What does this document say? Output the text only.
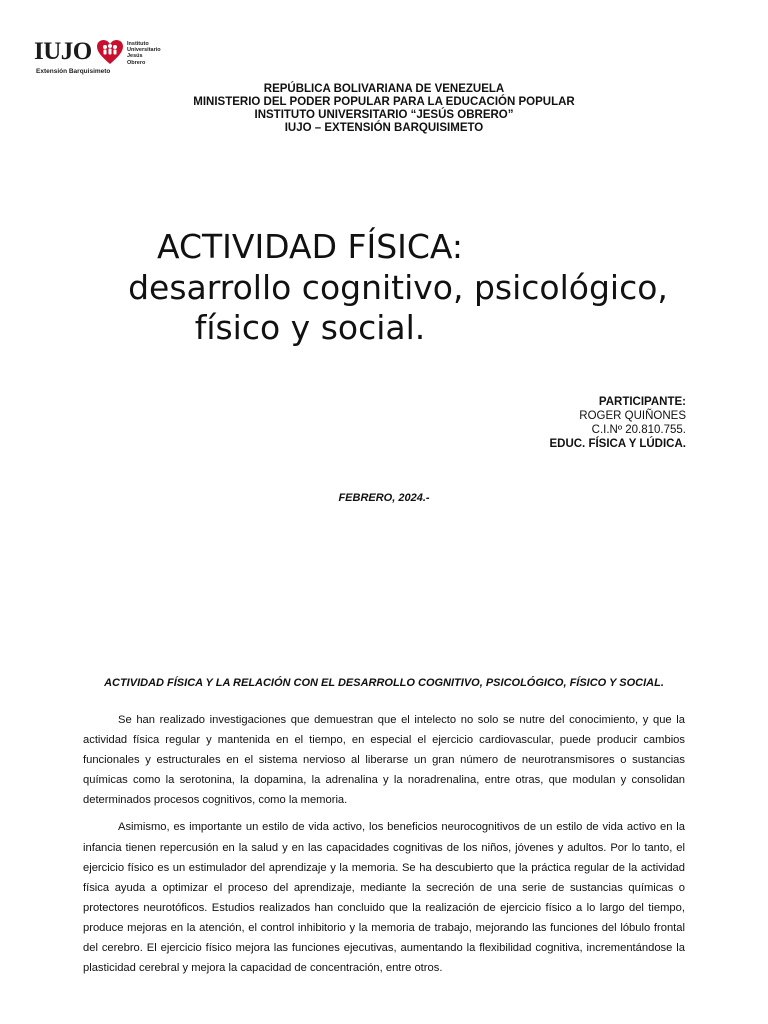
IUJO	Instituto
Universitario
Jesús
Obrero
Extensión Barquisimeto
REPÚBLICA BOLIVARIANA DE VENEZUELA
MINISTERIO DEL PODER POPULAR PARA LA EDUCACIÓN POPULAR
INSTITUTO UNIVERSITARIO “JESÚS OBRERO”
IUJO – EXTENSIÓN BARQUISIMETO
ACTIVIDAD FÍSICA:
desarrollo cognitivo, psicológico,
físico y social.
PARTICIPANTE:
ROGER QUIÑONES
C.I.Nº 20.810.755.
EDUC. FÍSICA Y LÚDICA.
FEBRERO, 2024.-
ACTIVIDAD FÍSICA Y LA RELACIÓN CON EL DESARROLLO COGNITIVO, PSICOLÓGICO, FÍSICO Y SOCIAL.

Se han realizado investigaciones que demuestran que el intelecto no solo se nutre del conocimiento, y que la actividad física regular y mantenida en el tiempo, en especial el ejercicio cardiovascular, puede producir cambios funcionales y estructurales en el sistema nervioso al liberarse un gran número de neurotransmisores o sustancias químicas como la serotonina, la dopamina, la adrenalina y la noradrenalina, entre otras, que modulan y consolidan determinados procesos cognitivos, como la memoria.

Asimismo, es importante un estilo de vida activo, los beneficios neurocognitivos de un estilo de vida activo en la infancia tienen repercusión en la salud y en las capacidades cognitivas de los niños, jóvenes y adultos. Por lo tanto, el ejercicio físico es un estimulador del aprendizaje y la memoria. Se ha descubierto que la práctica regular de la actividad física ayuda a optimizar el proceso del aprendizaje, mediante la secreción de una serie de sustancias químicas o protectores neurotóficos. Estudios realizados han concluido que la realización de ejercicio físico a lo largo del tiempo, produce mejoras en la atención, el control inhibitorio y la memoria de trabajo, mejorando las funciones del lóbulo frontal del cerebro. El ejercicio físico mejora las funciones ejecutivas, aumentando la flexibilidad cognitiva, incrementándose la plasticidad cerebral y mejora la capacidad de concentración, entre otros.
